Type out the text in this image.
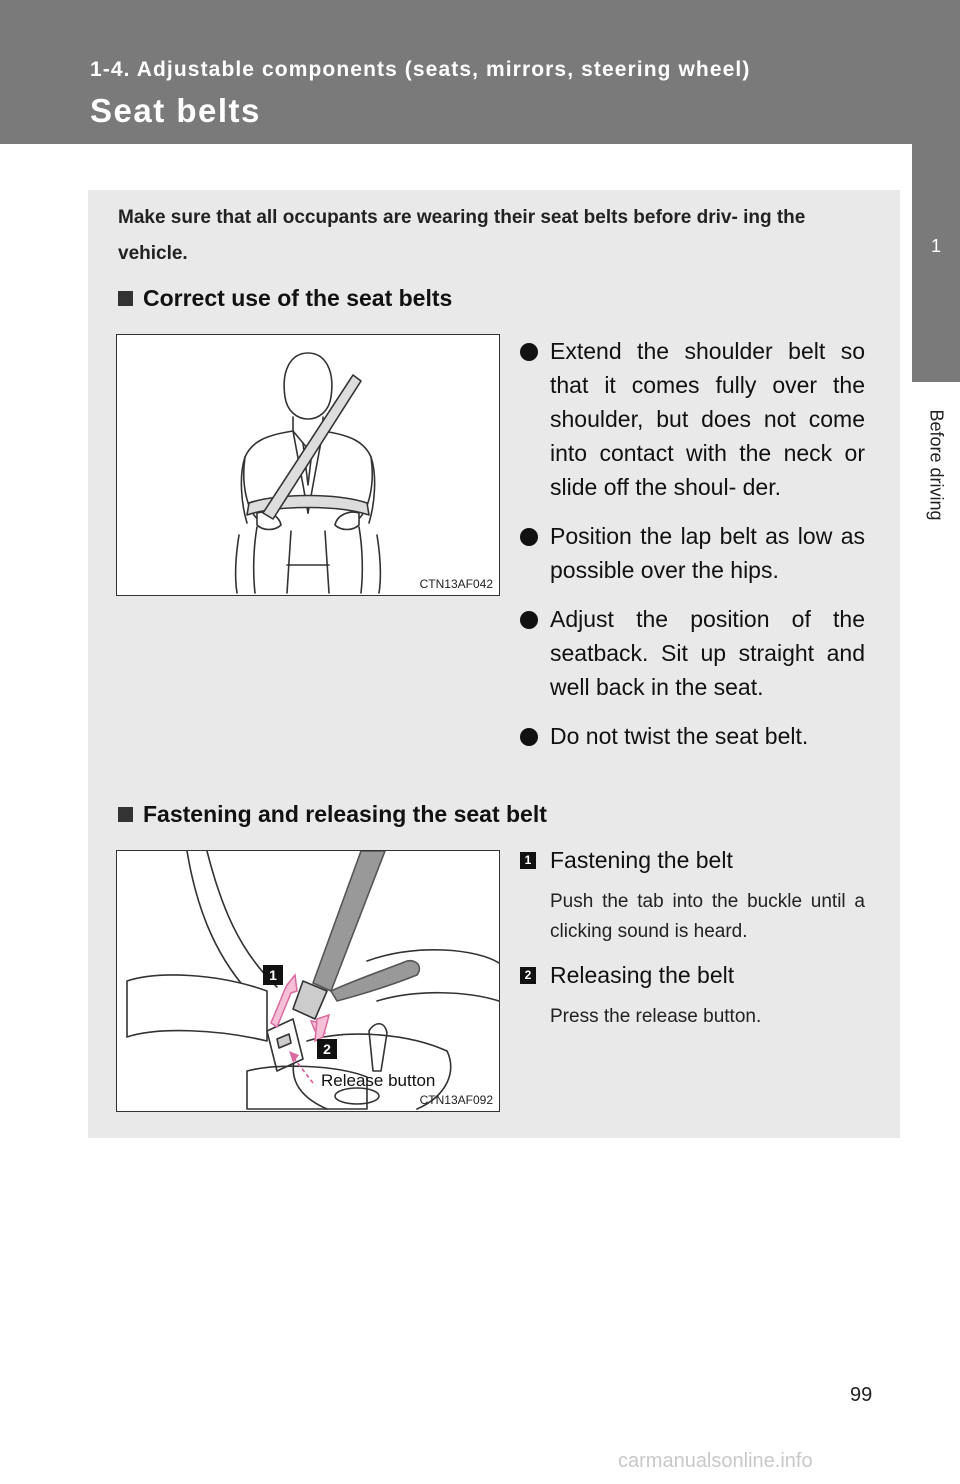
1-4. Adjustable components (seats, mirrors, steering wheel)
Seat belts
1
Before driving
Make sure that all occupants are wearing their seat belts before driv- ing the vehicle.
Correct use of the seat belts
CTN13AF042
Extend the shoulder belt so that it comes fully over the shoulder, but does not come into contact with the neck or slide off the shoul- der.
Position the lap belt as low as possible over the hips.
Adjust the position of the seatback. Sit up straight and well back in the seat.
Do not twist the seat belt.
Fastening and releasing the seat belt
1
2
Release button
CTN13AF092
1 Fastening the belt
Push the tab into the buckle until a clicking sound is heard.
2 Releasing the belt
Press the release button.
99
carmanualsonline.info
